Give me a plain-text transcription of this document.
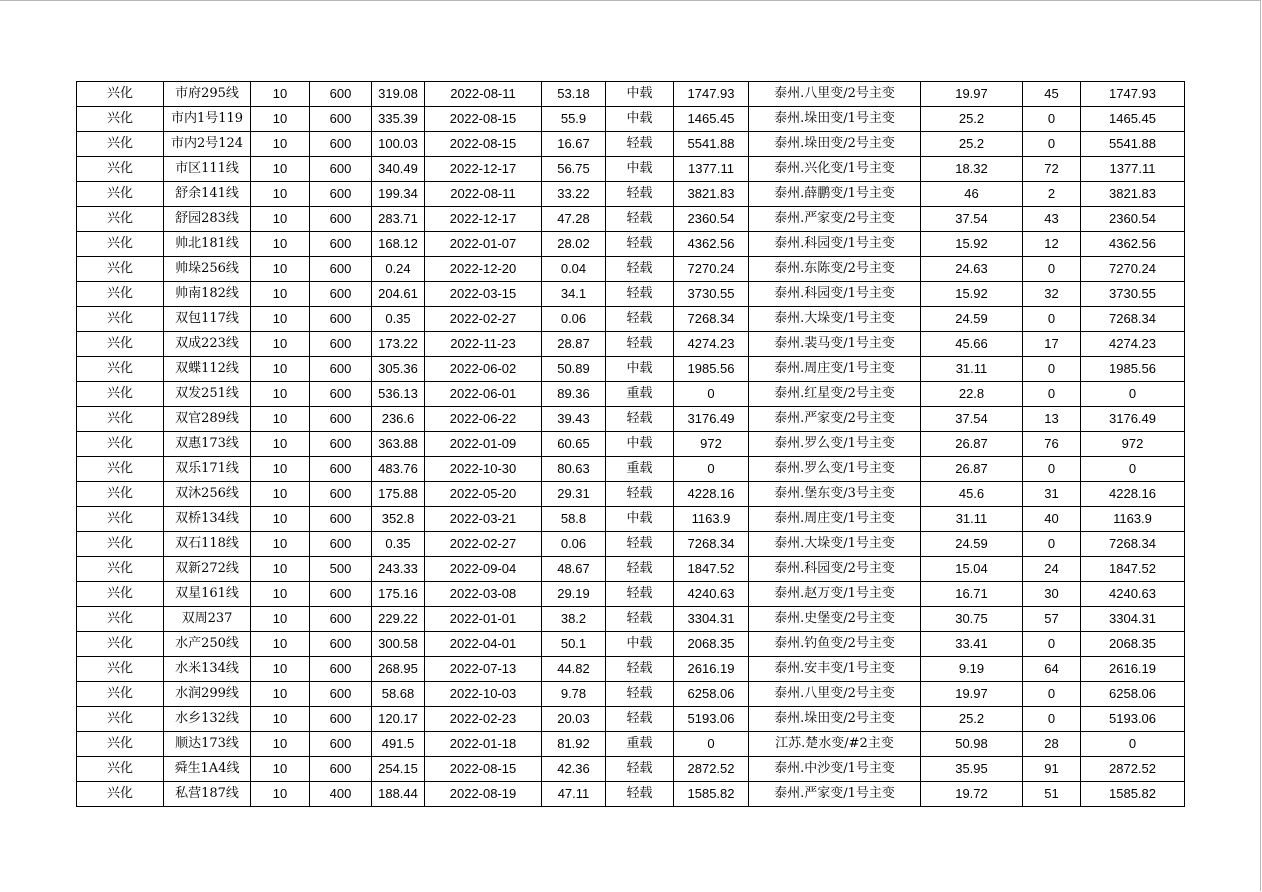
兴化	市府295线	10	600	319.08	2022-08-11	53.18	中载	1747.93	泰州.八里变/2号主变	19.97	45	1747.93
兴化	市内1号119	10	600	335.39	2022-08-15	55.9	中载	1465.45	泰州.垛田变/1号主变	25.2	0	1465.45
兴化	市内2号124	10	600	100.03	2022-08-15	16.67	轻载	5541.88	泰州.垛田变/2号主变	25.2	0	5541.88
兴化	市区111线	10	600	340.49	2022-12-17	56.75	中载	1377.11	泰州.兴化变/1号主变	18.32	72	1377.11
兴化	舒余141线	10	600	199.34	2022-08-11	33.22	轻载	3821.83	泰州.薛鹏变/1号主变	46	2	3821.83
兴化	舒园283线	10	600	283.71	2022-12-17	47.28	轻载	2360.54	泰州.严家变/2号主变	37.54	43	2360.54
兴化	帅北181线	10	600	168.12	2022-01-07	28.02	轻载	4362.56	泰州.科园变/1号主变	15.92	12	4362.56
兴化	帅垛256线	10	600	0.24	2022-12-20	0.04	轻载	7270.24	泰州.东陈变/2号主变	24.63	0	7270.24
兴化	帅南182线	10	600	204.61	2022-03-15	34.1	轻载	3730.55	泰州.科园变/1号主变	15.92	32	3730.55
兴化	双包117线	10	600	0.35	2022-02-27	0.06	轻载	7268.34	泰州.大垛变/1号主变	24.59	0	7268.34
兴化	双成223线	10	600	173.22	2022-11-23	28.87	轻载	4274.23	泰州.裴马变/1号主变	45.66	17	4274.23
兴化	双蝶112线	10	600	305.36	2022-06-02	50.89	中载	1985.56	泰州.周庄变/1号主变	31.11	0	1985.56
兴化	双发251线	10	600	536.13	2022-06-01	89.36	重载	0	泰州.红星变/2号主变	22.8	0	0
兴化	双官289线	10	600	236.6	2022-06-22	39.43	轻载	3176.49	泰州.严家变/2号主变	37.54	13	3176.49
兴化	双惠173线	10	600	363.88	2022-01-09	60.65	中载	972	泰州.罗么变/1号主变	26.87	76	972
兴化	双乐171线	10	600	483.76	2022-10-30	80.63	重载	0	泰州.罗么变/1号主变	26.87	0	0
兴化	双沐256线	10	600	175.88	2022-05-20	29.31	轻载	4228.16	泰州.堡东变/3号主变	45.6	31	4228.16
兴化	双桥134线	10	600	352.8	2022-03-21	58.8	中载	1163.9	泰州.周庄变/1号主变	31.11	40	1163.9
兴化	双石118线	10	600	0.35	2022-02-27	0.06	轻载	7268.34	泰州.大垛变/1号主变	24.59	0	7268.34
兴化	双新272线	10	500	243.33	2022-09-04	48.67	轻载	1847.52	泰州.科园变/2号主变	15.04	24	1847.52
兴化	双星161线	10	600	175.16	2022-03-08	29.19	轻载	4240.63	泰州.赵万变/1号主变	16.71	30	4240.63
兴化	双周237	10	600	229.22	2022-01-01	38.2	轻载	3304.31	泰州.史堡变/2号主变	30.75	57	3304.31
兴化	水产250线	10	600	300.58	2022-04-01	50.1	中载	2068.35	泰州.钓鱼变/2号主变	33.41	0	2068.35
兴化	水米134线	10	600	268.95	2022-07-13	44.82	轻载	2616.19	泰州.安丰变/1号主变	9.19	64	2616.19
兴化	水润299线	10	600	58.68	2022-10-03	9.78	轻载	6258.06	泰州.八里变/2号主变	19.97	0	6258.06
兴化	水乡132线	10	600	120.17	2022-02-23	20.03	轻载	5193.06	泰州.垛田变/2号主变	25.2	0	5193.06
兴化	顺达173线	10	600	491.5	2022-01-18	81.92	重载	0	江苏.楚水变/#2主变	50.98	28	0
兴化	舜生1A4线	10	600	254.15	2022-08-15	42.36	轻载	2872.52	泰州.中沙变/1号主变	35.95	91	2872.52
兴化	私营187线	10	400	188.44	2022-08-19	47.11	轻载	1585.82	泰州.严家变/1号主变	19.72	51	1585.82
